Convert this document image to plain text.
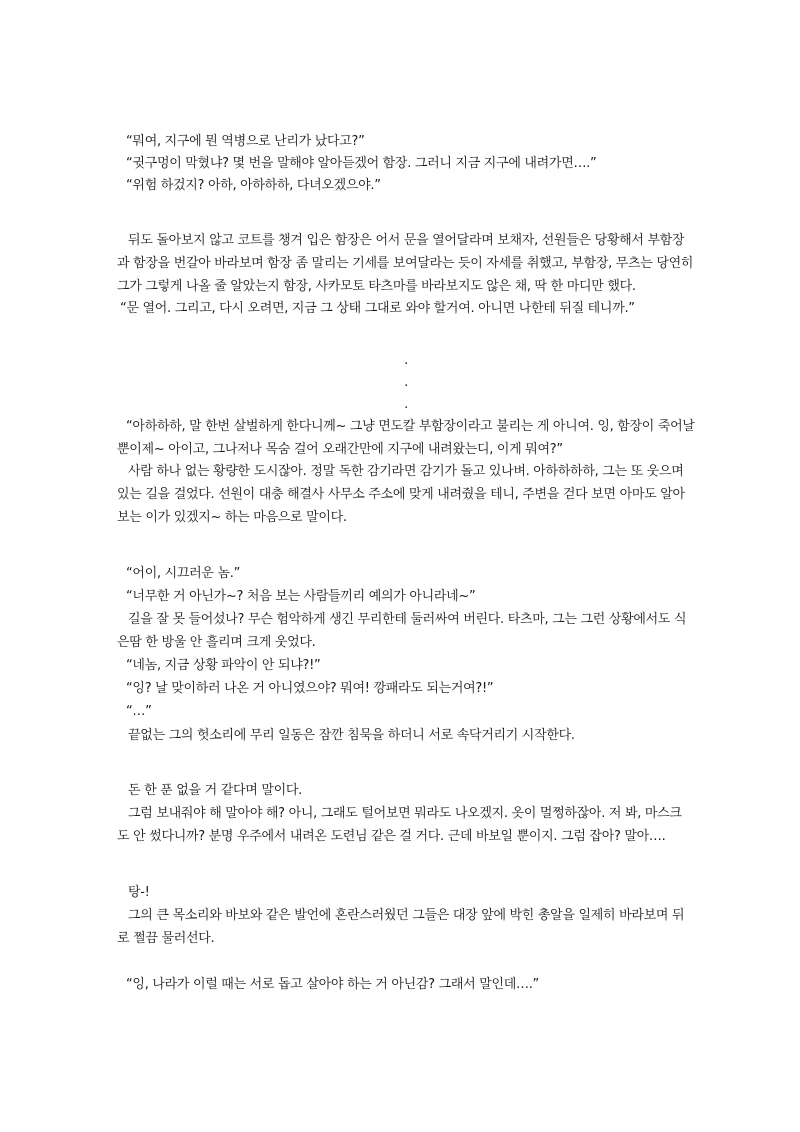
“뭐여, 지구에 뭔 역병으로 난리가 났다고?”
“귓구멍이 막혔냐? 몇 번을 말해야 알아듣겠어 함장. 그러니 지금 지구에 내려가면….”
“위험 하겄지? 아하, 아하하하, 다녀오겠으야.”
뒤도 돌아보지 않고 코트를 챙겨 입은 함장은 어서 문을 열어달라며 보채자, 선원들은 당황해서 부함장
과 함장을 번갈아 바라보며 함장 좀 말리는 기세를 보여달라는 듯이 자세를 취했고, 부함장, 무츠는 당연히
그가 그렇게 나올 줄 알았는지 함장, 사카모토 타츠마를 바라보지도 않은 채, 딱 한 마디만 했다.
“문 열어. 그리고, 다시 오려면, 지금 그 상태 그대로 와야 할거여. 아니면 나한테 뒤질 테니까.”
.
.
.
“아하하하, 말 한번 살벌하게 한다니께~ 그냥 면도칼 부함장이라고 불리는 게 아니여. 잉, 함장이 죽어날
뿐이제~ 아이고, 그나저나 목숨 걸어 오래간만에 지구에 내려왔는디, 이게 뭐여?”
사람 하나 없는 황량한 도시잖아. 정말 독한 감기라면 감기가 돌고 있나벼. 아하하하하, 그는 또 웃으며
있는 길을 걸었다. 선원이 대충 해결사 사무소 주소에 맞게 내려줬을 테니, 주변을 걷다 보면 아마도 알아
보는 이가 있겠지~ 하는 마음으로 말이다.
“어이, 시끄러운 놈.”
“너무한 거 아닌가~? 처음 보는 사람들끼리 예의가 아니라네~”
길을 잘 못 들어섰나? 무슨 험악하게 생긴 무리한테 둘러싸여 버린다. 타츠마, 그는 그런 상황에서도 식
은땀 한 방울 안 흘리며 크게 웃었다.
“네놈, 지금 상황 파악이 안 되냐?!”
“잉? 날 맞이하러 나온 거 아니였으야? 뭐여! 깡패라도 되는거여?!”
“…”
끝없는 그의 헛소리에 무리 일동은 잠깐 침묵을 하더니 서로 속닥거리기 시작한다.
돈 한 푼 없을 거 같다며 말이다.
그럼 보내줘야 해 말아야 해? 아니, 그래도 털어보면 뭐라도 나오겠지. 옷이 멀쩡하잖아. 저 봐, 마스크
도 안 썼다니까? 분명 우주에서 내려온 도련님 같은 걸 거다. 근데 바보일 뿐이지. 그럼 잡아? 말아….
탕-!
그의 큰 목소리와 바보와 같은 발언에 혼란스러웠던 그들은 대장 앞에 박힌 총알을 일제히 바라보며 뒤
로 쩔끔 물러선다.
“잉, 나라가 이럴 때는 서로 돕고 살아야 하는 거 아닌감? 그래서 말인데….”
